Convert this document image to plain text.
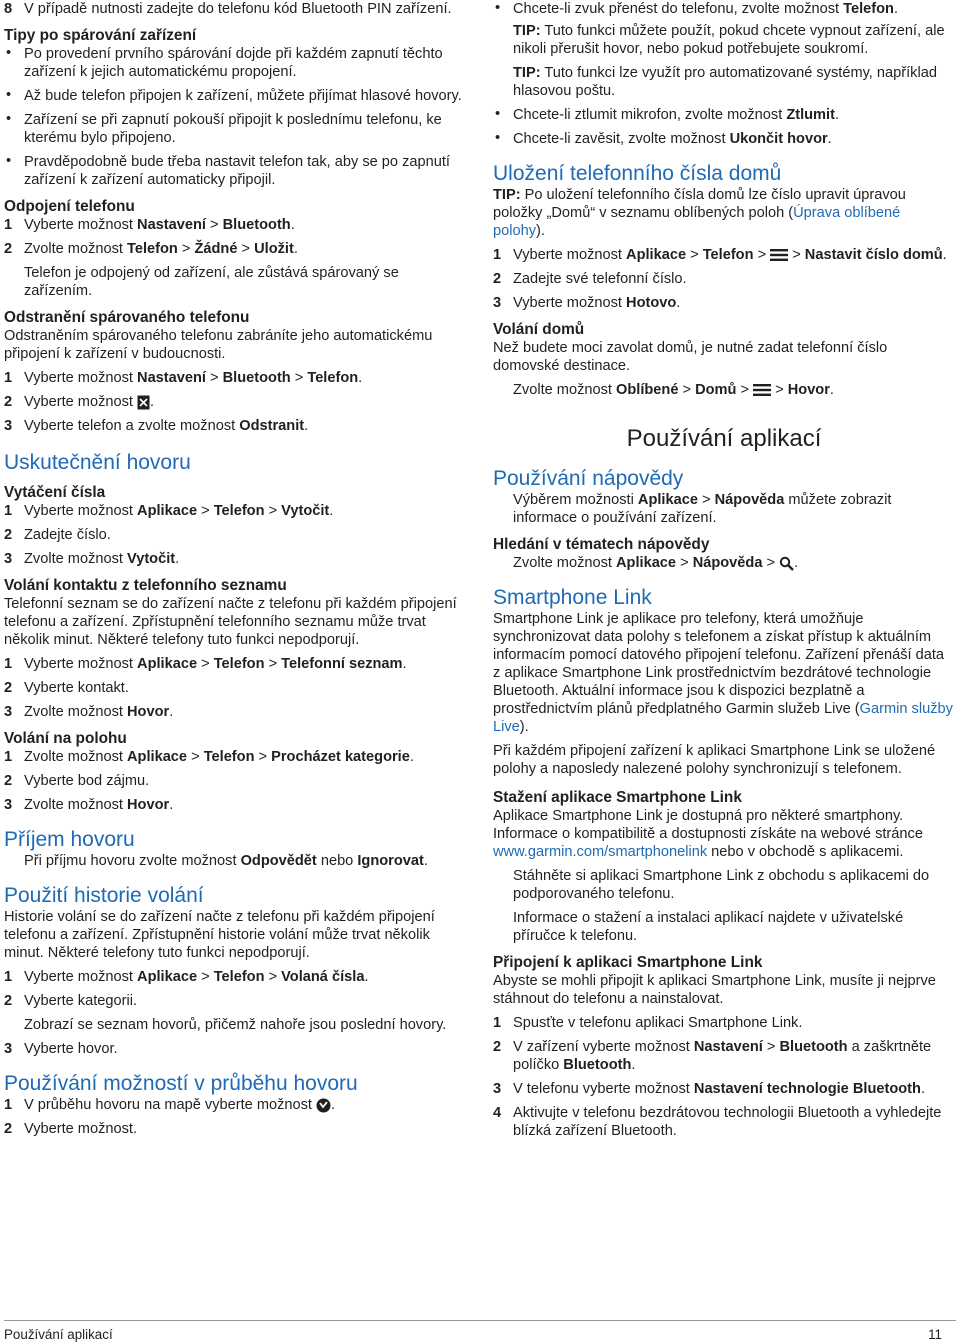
8 V případě nutnosti zadejte do telefonu kód Bluetooth PIN zařízení.
Tipy po spárování zařízení
• Po provedení prvního spárování dojde při každém zapnutí těchto zařízení k jejich automatickému propojení.
• Až bude telefon připojen k zařízení, můžete přijímat hlasové hovory.
• Zařízení se při zapnutí pokouší připojit k poslednímu telefonu, ke kterému bylo připojeno.
• Pravděpodobně bude třeba nastavit telefon tak, aby se po zapnutí zařízení k zařízení automaticky připojil.
Odpojení telefonu
1 Vyberte možnost Nastavení > Bluetooth.
2 Zvolte možnost Telefon > Žádné > Uložit.
Telefon je odpojený od zařízení, ale zůstává spárovaný se zařízením.
Odstranění spárovaného telefonu
Odstraněním spárovaného telefonu zabráníte jeho automatickému připojení k zařízení v budoucnosti.
1 Vyberte možnost Nastavení > Bluetooth > Telefon.
2 Vyberte možnost .
3 Vyberte telefon a zvolte možnost Odstranit.
Uskutečnění hovoru
Vytáčení čísla
1 Vyberte možnost Aplikace > Telefon > Vytočit.
2 Zadejte číslo.
3 Zvolte možnost Vytočit.
Volání kontaktu z telefonního seznamu
Telefonní seznam se do zařízení načte z telefonu při každém připojení telefonu a zařízení. Zpřístupnění telefonního seznamu může trvat několik minut. Některé telefony tuto funkci nepodporují.
1 Vyberte možnost Aplikace > Telefon > Telefonní seznam.
2 Vyberte kontakt.
3 Zvolte možnost Hovor.
Volání na polohu
1 Zvolte možnost Aplikace > Telefon > Procházet kategorie.
2 Vyberte bod zájmu.
3 Zvolte možnost Hovor.
Příjem hovoru
Při příjmu hovoru zvolte možnost Odpovědět nebo Ignorovat.
Použití historie volání
Historie volání se do zařízení načte z telefonu při každém připojení telefonu a zařízení. Zpřístupnění historie volání může trvat několik minut. Některé telefony tuto funkci nepodporují.
1 Vyberte možnost Aplikace > Telefon > Volaná čísla.
2 Vyberte kategorii.
Zobrazí se seznam hovorů, přičemž nahoře jsou poslední hovory.
3 Vyberte hovor.
Používání možností v průběhu hovoru
1 V průběhu hovoru na mapě vyberte možnost .
2 Vyberte možnost.
• Chcete-li zvuk přenést do telefonu, zvolte možnost Telefon.
TIP: Tuto funkci můžete použít, pokud chcete vypnout zařízení, ale nikoli přerušit hovor, nebo pokud potřebujete soukromí.
TIP: Tuto funkci lze využít pro automatizované systémy, například hlasovou poštu.
• Chcete-li ztlumit mikrofon, zvolte možnost Ztlumit.
• Chcete-li zavěsit, zvolte možnost Ukončit hovor.
Uložení telefonního čísla domů
TIP: Po uložení telefonního čísla domů lze číslo upravit úpravou položky „Domů“ v seznamu oblíbených poloh (Úprava oblíbené polohy).
1 Vyberte možnost Aplikace > Telefon >  > Nastavit číslo domů.
2 Zadejte své telefonní číslo.
3 Vyberte možnost Hotovo.
Volání domů
Než budete moci zavolat domů, je nutné zadat telefonní číslo domovské destinace.
Zvolte možnost Oblíbené > Domů >  > Hovor.
Používání aplikací
Používání nápovědy
Výběrem možnosti Aplikace > Nápověda můžete zobrazit informace o používání zařízení.
Hledání v tématech nápovědy
Zvolte možnost Aplikace > Nápověda > .
Smartphone Link
Smartphone Link je aplikace pro telefony, která umožňuje synchronizovat data polohy s telefonem a získat přístup k aktuálním informacím pomocí datového připojení telefonu. Zařízení přenáší data z aplikace Smartphone Link prostřednictvím bezdrátové technologie Bluetooth. Aktuální informace jsou k dispozici bezplatně a prostřednictvím plánů předplatného Garmin služeb Live (Garmin služby Live).
Při každém připojení zařízení k aplikaci Smartphone Link se uložené polohy a naposledy nalezené polohy synchronizují s telefonem.
Stažení aplikace Smartphone Link
Aplikace Smartphone Link je dostupná pro některé smartphony. Informace o kompatibilitě a dostupnosti získáte na webové stránce www.garmin.com/smartphonelink nebo v obchodě s aplikacemi.
Stáhněte si aplikaci Smartphone Link z obchodu s aplikacemi do podporovaného telefonu.
Informace o stažení a instalaci aplikací najdete v uživatelské příručce k telefonu.
Připojení k aplikaci Smartphone Link
Abyste se mohli připojit k aplikaci Smartphone Link, musíte ji nejprve stáhnout do telefonu a nainstalovat.
1 Spusťte v telefonu aplikaci Smartphone Link.
2 V zařízení vyberte možnost Nastavení > Bluetooth a zaškrtněte políčko Bluetooth.
3 V telefonu vyberte možnost Nastavení technologie Bluetooth.
4 Aktivujte v telefonu bezdrátovou technologii Bluetooth a vyhledejte blízká zařízení Bluetooth.
Používání aplikací	11
